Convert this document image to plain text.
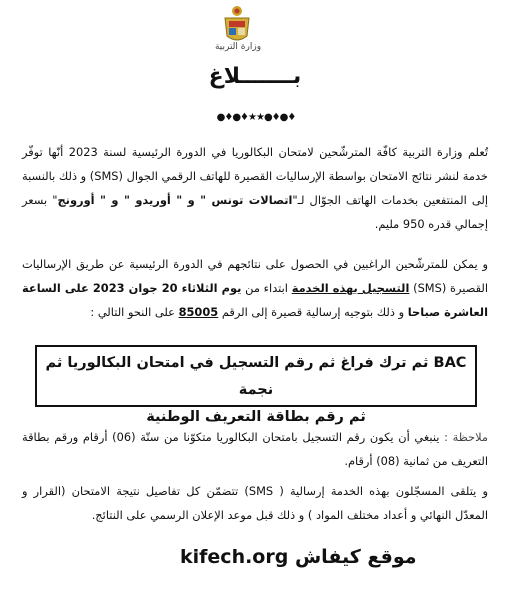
وزارة التربية
بـــــــلاغ
●♦●♦★★●♦●♦
تُعلم وزارة التربية كافّة المترشّحين لامتحان البكالوريا في الدورة الرئيسية لسنة 2023 أنّها توفّر خدمة لنشر نتائج الامتحان بواسطة الإرساليات القصيرة للهاتف الرقمي الجوال (SMS) و ذلك بالنسبة إلى المنتفعين بخدمات الهاتف الجوّال لـ"اتصالات تونس " و " أوريدو " و " أورونج" بسعر إجمالي قدره 950 مليم.
و يمكن للمترشّحين الراغبين في الحصول على نتائجهم في الدورة الرئيسية عن طريق الإرساليات القصيرة (SMS) التسجيل بهذه الخدمة ابتداء من يوم الثلاثاء 20 جوان 2023 على الساعة العاشرة صباحا و ذلك بتوجيه إرسالية قصيرة إلى الرقم 85005 على النحو التالي :
BAC ثم ترك فراغ ثم رقم التسجيل في امتحان البكالوريا ثم نجمة
ثم رقم بطاقة التعريف الوطنية
ملاحظة : ينبغي أن يكون رقم التسجيل بامتحان البكالوريا متكوّنا من ستّة (06) أرقام ورقم بطاقة التعريف من ثمانية (08) أرقام.
و يتلقى المسجّلون بهذه الخدمة إرسالية ( SMS) تتضمّن كل تفاصيل نتيجة الامتحان (القرار و المعدّل النهائي و أعداد مختلف المواد ) و ذلك قبل موعد الإعلان الرسمي على النتائج.
kifech.org موقع كيفاش
